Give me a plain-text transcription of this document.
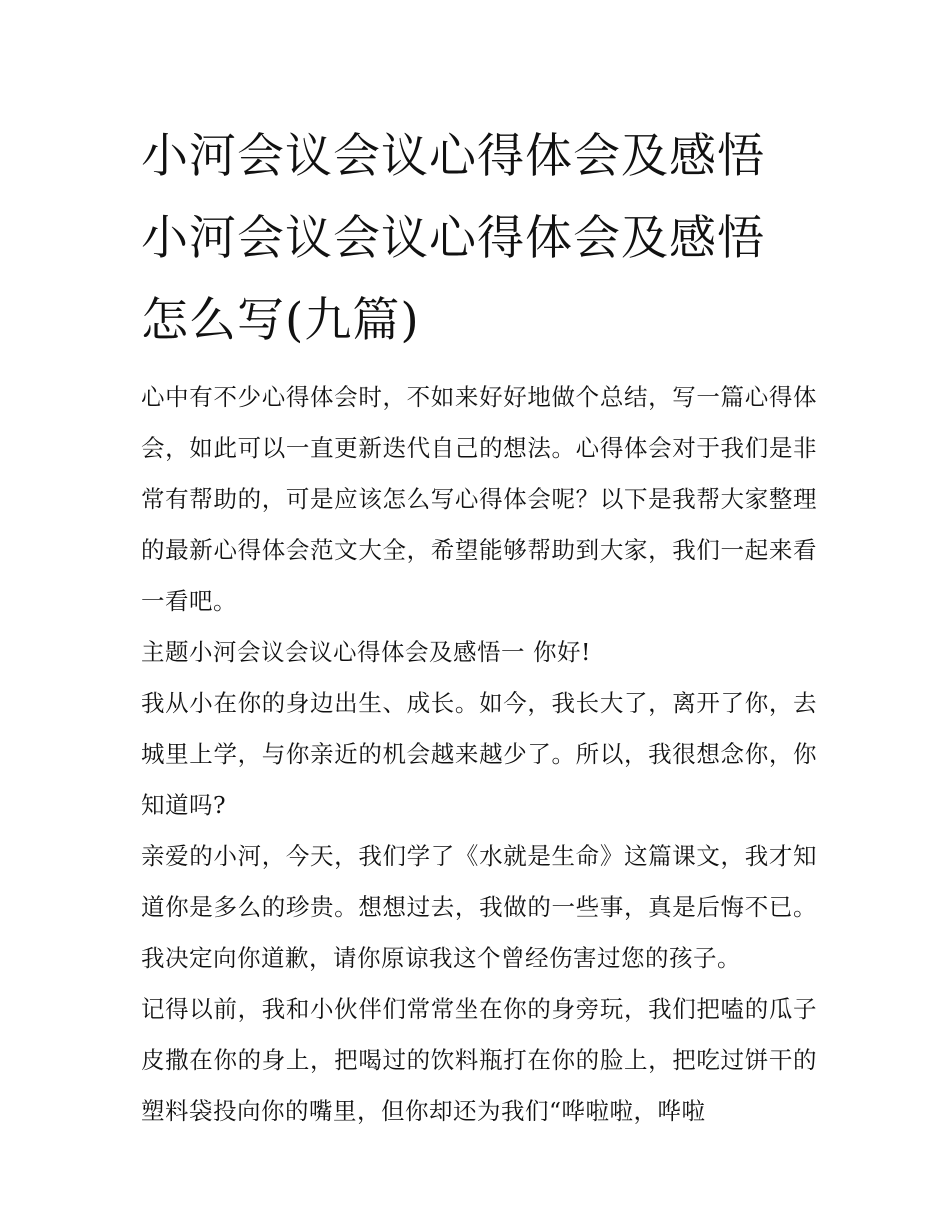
小河会议会议心得体会及感悟
小河会议会议心得体会及感悟
怎么写(九篇)

心中有不少心得体会时，不如来好好地做个总结，写一篇心得体会，如此可以一直更新迭代自己的想法。心得体会对于我们是非常有帮助的，可是应该怎么写心得体会呢？以下是我帮大家整理的最新心得体会范文大全，希望能够帮助到大家，我们一起来看一看吧。

主题小河会议会议心得体会及感悟一 你好!

我从小在你的身边出生、成长。如今，我长大了，离开了你，去城里上学，与你亲近的机会越来越少了。所以，我很想念你，你知道吗?

亲爱的小河，今天，我们学了《水就是生命》这篇课文，我才知道你是多么的珍贵。想想过去，我做的一些事，真是后悔不已。我决定向你道歉，请你原谅我这个曾经伤害过您的孩子。

记得以前，我和小伙伴们常常坐在你的身旁玩，我们把嗑的瓜子皮撒在你的身上，把喝过的饮料瓶打在你的脸上，把吃过饼干的塑料袋投向你的嘴里，但你却还为我们“哗啦啦，哗啦
